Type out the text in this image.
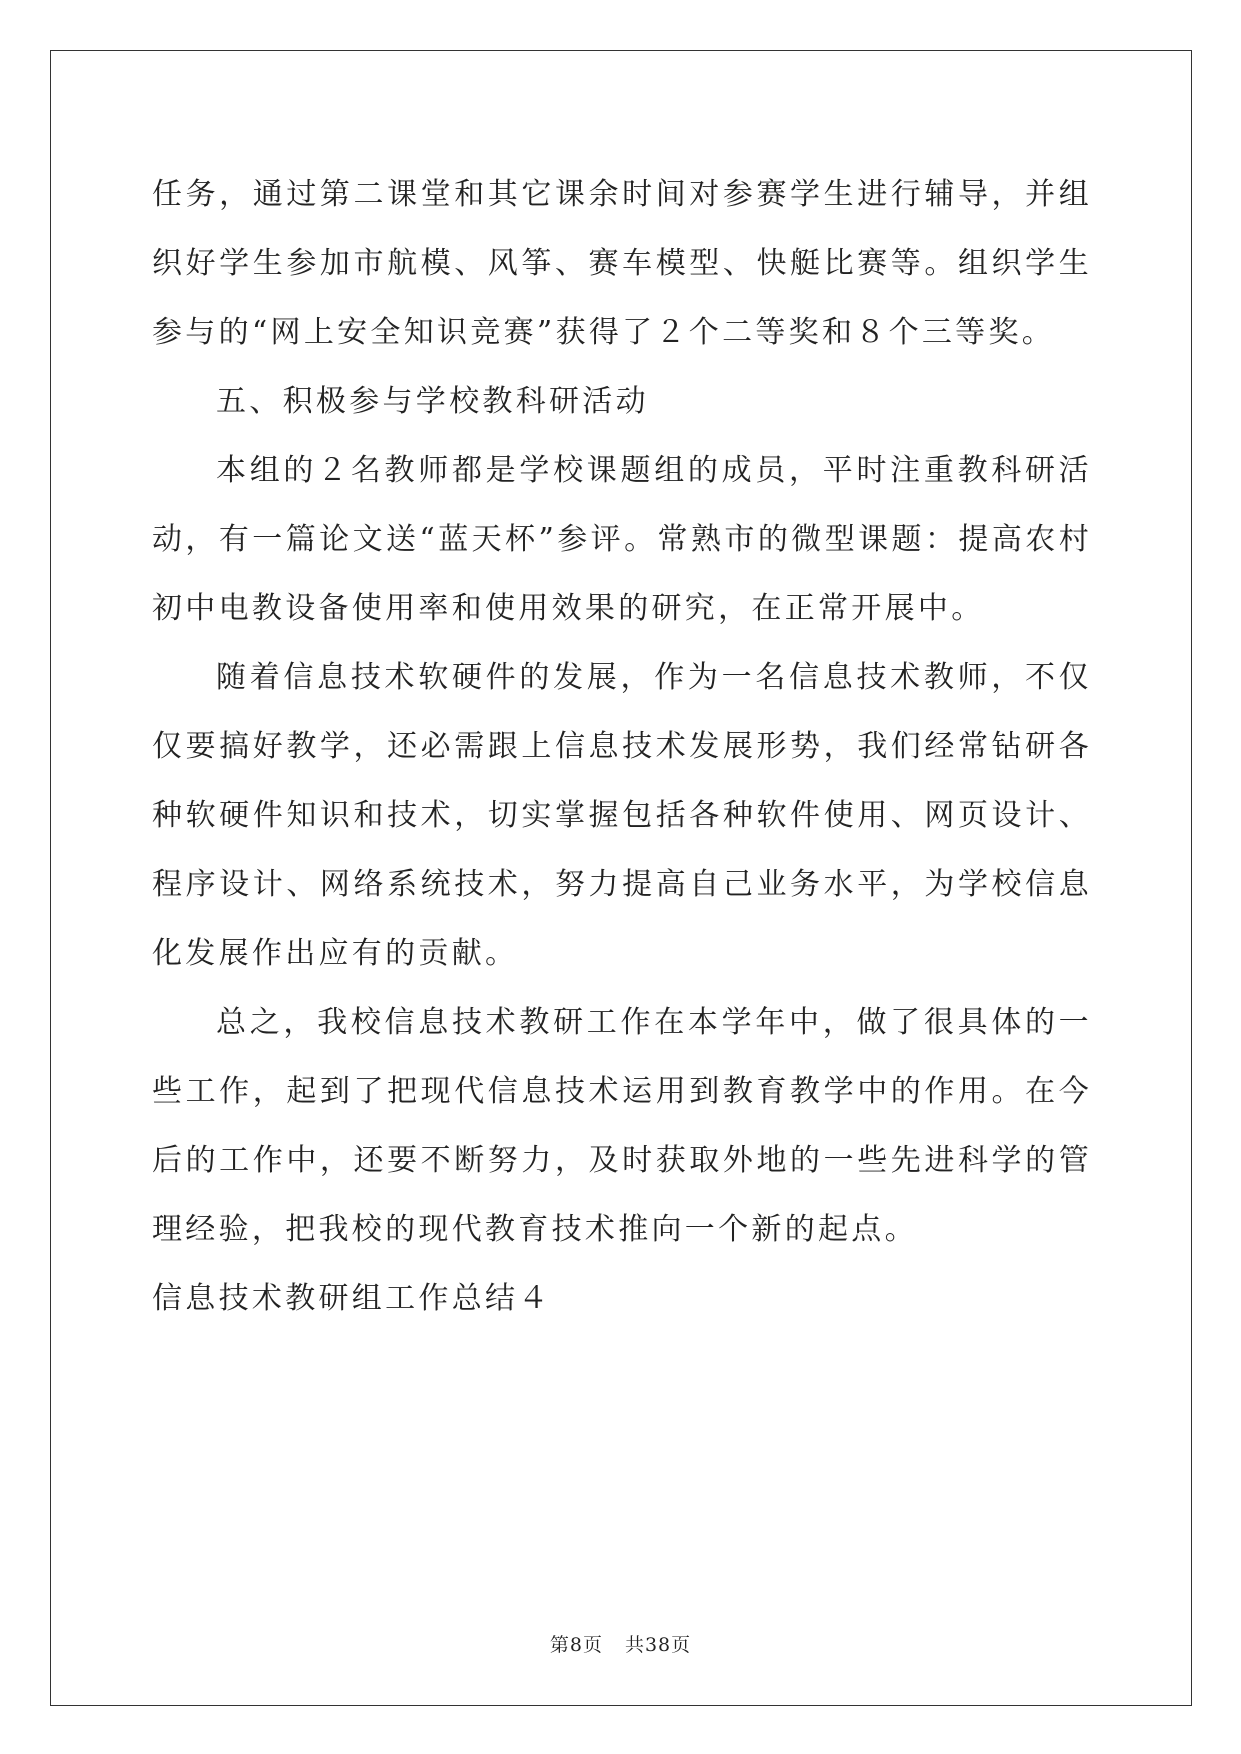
任务，通过第二课堂和其它课余时间对参赛学生进行辅导，并组织好学生参加市航模、风筝、赛车模型、快艇比赛等。组织学生参与的“网上安全知识竞赛”获得了２个二等奖和８个三等奖。

五、积极参与学校教科研活动

本组的２名教师都是学校课题组的成员，平时注重教科研活动，有一篇论文送“蓝天杯”参评。常熟市的微型课题：提高农村初中电教设备使用率和使用效果的研究，在正常开展中。

随着信息技术软硬件的发展，作为一名信息技术教师，不仅仅要搞好教学，还必需跟上信息技术发展形势，我们经常钻研各种软硬件知识和技术，切实掌握包括各种软件使用、网页设计、程序设计、网络系统技术，努力提高自己业务水平，为学校信息化发展作出应有的贡献。

总之，我校信息技术教研工作在本学年中，做了很具体的一些工作，起到了把现代信息技术运用到教育教学中的作用。在今后的工作中，还要不断努力，及时获取外地的一些先进科学的管理经验，把我校的现代教育技术推向一个新的起点。

信息技术教研组工作总结４

第8页 共38页
